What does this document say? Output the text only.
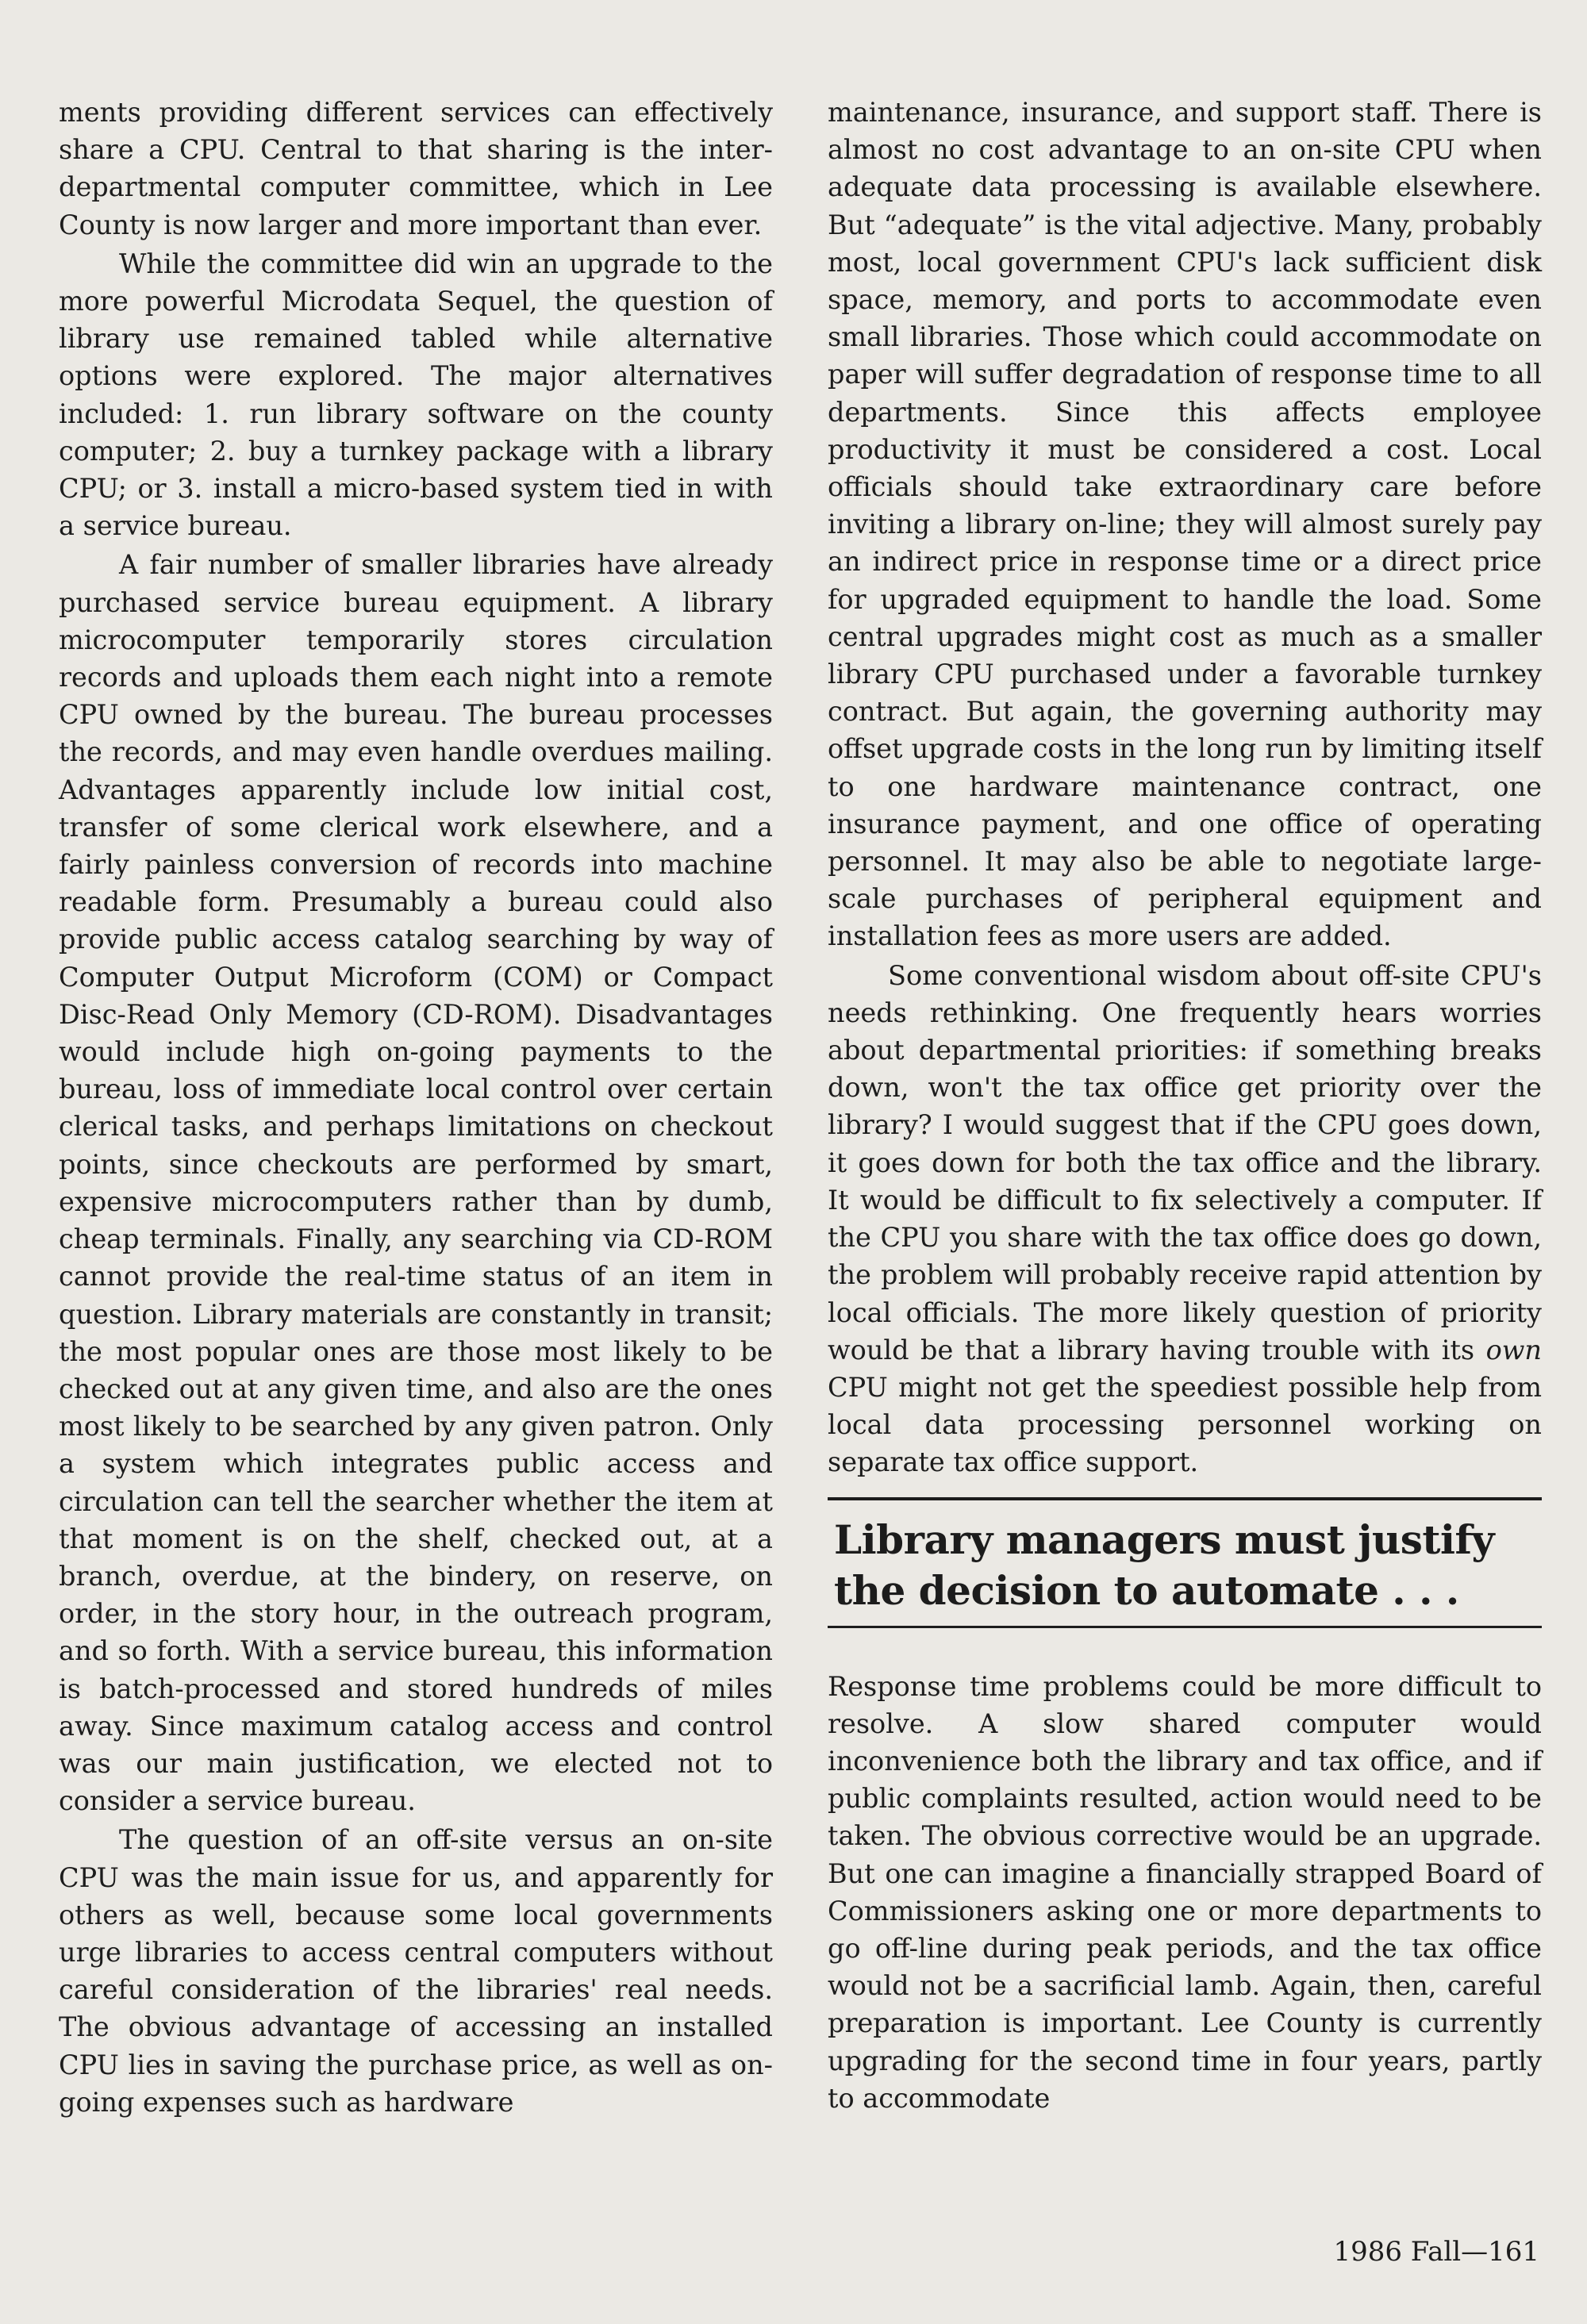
ments providing different services can effectively share a CPU. Central to that sharing is the inter-departmental computer committee, which in Lee County is now larger and more important than ever.

While the committee did win an upgrade to the more powerful Microdata Sequel, the question of library use remained tabled while alternative options were explored. The major alternatives included: 1. run library software on the county computer; 2. buy a turnkey package with a library CPU; or 3. install a micro-based system tied in with a service bureau.

A fair number of smaller libraries have already purchased service bureau equipment. A library microcomputer temporarily stores circulation records and uploads them each night into a remote CPU owned by the bureau. The bureau processes the records, and may even handle overdues mailing. Advantages apparently include low initial cost, transfer of some clerical work elsewhere, and a fairly painless conversion of records into machine readable form. Presumably a bureau could also provide public access catalog searching by way of Computer Output Microform (COM) or Compact Disc-Read Only Memory (CD-ROM). Disadvantages would include high on-going payments to the bureau, loss of immediate local control over certain clerical tasks, and perhaps limitations on checkout points, since checkouts are performed by smart, expensive microcomputers rather than by dumb, cheap terminals. Finally, any searching via CD-ROM cannot provide the real-time status of an item in question. Library materials are constantly in transit; the most popular ones are those most likely to be checked out at any given time, and also are the ones most likely to be searched by any given patron. Only a system which integrates public access and circulation can tell the searcher whether the item at that moment is on the shelf, checked out, at a branch, overdue, at the bindery, on reserve, on order, in the story hour, in the outreach program, and so forth. With a service bureau, this information is batch-processed and stored hundreds of miles away. Since maximum catalog access and control was our main justification, we elected not to consider a service bureau.

The question of an off-site versus an on-site CPU was the main issue for us, and apparently for others as well, because some local governments urge libraries to access central computers without careful consideration of the libraries' real needs. The obvious advantage of accessing an installed CPU lies in saving the purchase price, as well as on-going expenses such as hardware

maintenance, insurance, and support staff. There is almost no cost advantage to an on-site CPU when adequate data processing is available elsewhere. But “adequate” is the vital adjective. Many, probably most, local government CPU's lack sufficient disk space, memory, and ports to accommodate even small libraries. Those which could accommodate on paper will suffer degradation of response time to all departments. Since this affects employee productivity it must be considered a cost. Local officials should take extraordinary care before inviting a library on-line; they will almost surely pay an indirect price in response time or a direct price for upgraded equipment to handle the load. Some central upgrades might cost as much as a smaller library CPU purchased under a favorable turnkey contract. But again, the governing authority may offset upgrade costs in the long run by limiting itself to one hardware maintenance contract, one insurance payment, and one office of operating personnel. It may also be able to negotiate large-scale purchases of peripheral equipment and installation fees as more users are added.

Some conventional wisdom about off-site CPU's needs rethinking. One frequently hears worries about departmental priorities: if something breaks down, won't the tax office get priority over the library? I would suggest that if the CPU goes down, it goes down for both the tax office and the library. It would be difficult to fix selectively a computer. If the CPU you share with the tax office does go down, the problem will probably receive rapid attention by local officials. The more likely question of priority would be that a library having trouble with its own CPU might not get the speediest possible help from local data processing personnel working on separate tax office support.

Library managers must justify the decision to automate . . .

Response time problems could be more difficult to resolve. A slow shared computer would inconvenience both the library and tax office, and if public complaints resulted, action would need to be taken. The obvious corrective would be an upgrade. But one can imagine a financially strapped Board of Commissioners asking one or more departments to go off-line during peak periods, and the tax office would not be a sacrificial lamb. Again, then, careful preparation is important. Lee County is currently upgrading for the second time in four years, partly to accommodate

1986 Fall—161
